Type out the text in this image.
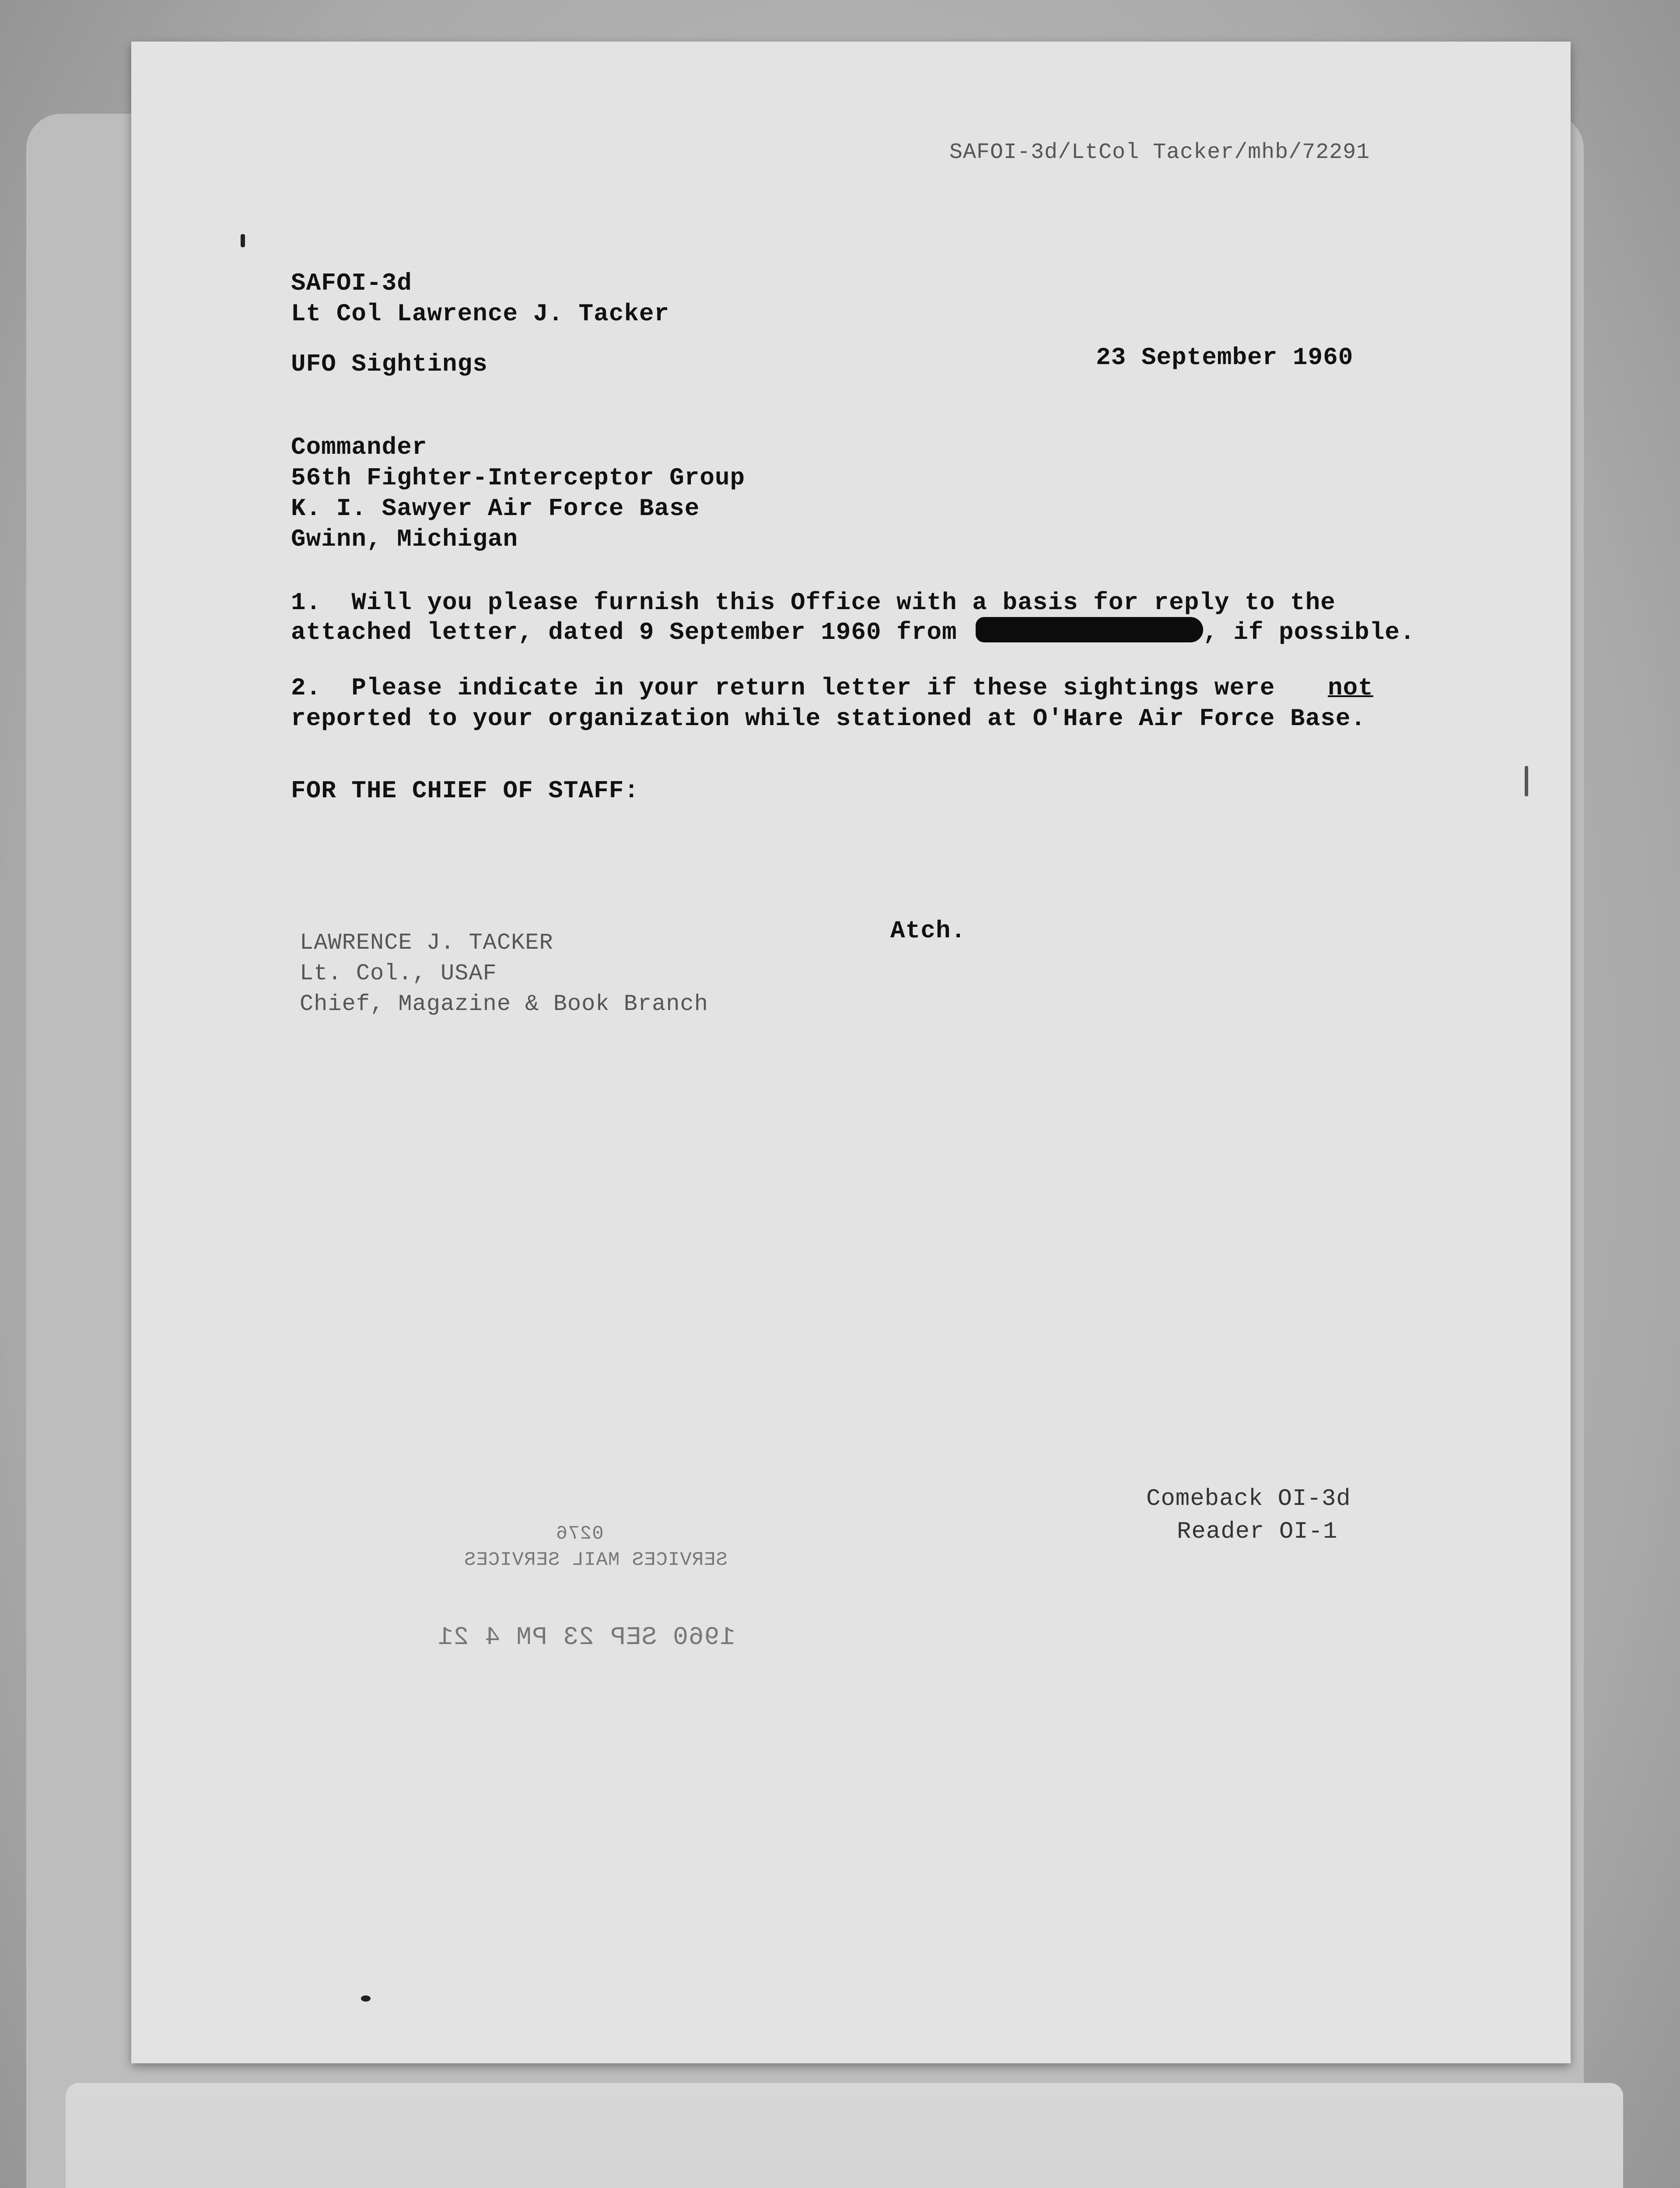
SAFOI-3d/LtCol Tacker/mhb/72291
SAFOI-3d
Lt Col Lawrence J. Tacker
UFO Sightings	23 September 1960
Commander
56th Fighter-Interceptor Group
K. I. Sawyer Air Force Base
Gwinn, Michigan
1.  Will you please furnish this Office with a basis for reply to the
attached letter, dated 9 September 1960 from	, if possible.
2.  Please indicate in your return letter if these sightings were not
reported to your organization while stationed at O'Hare Air Force Base.
FOR THE CHIEF OF STAFF:
LAWRENCE J. TACKER
Lt. Col., USAF
Chief, Magazine & Book Branch
Atch.
Comeback OI-3d
Reader OI-1
0276
SERVICES MAIL SERVICES
1960 SEP 23 PM 4 21
